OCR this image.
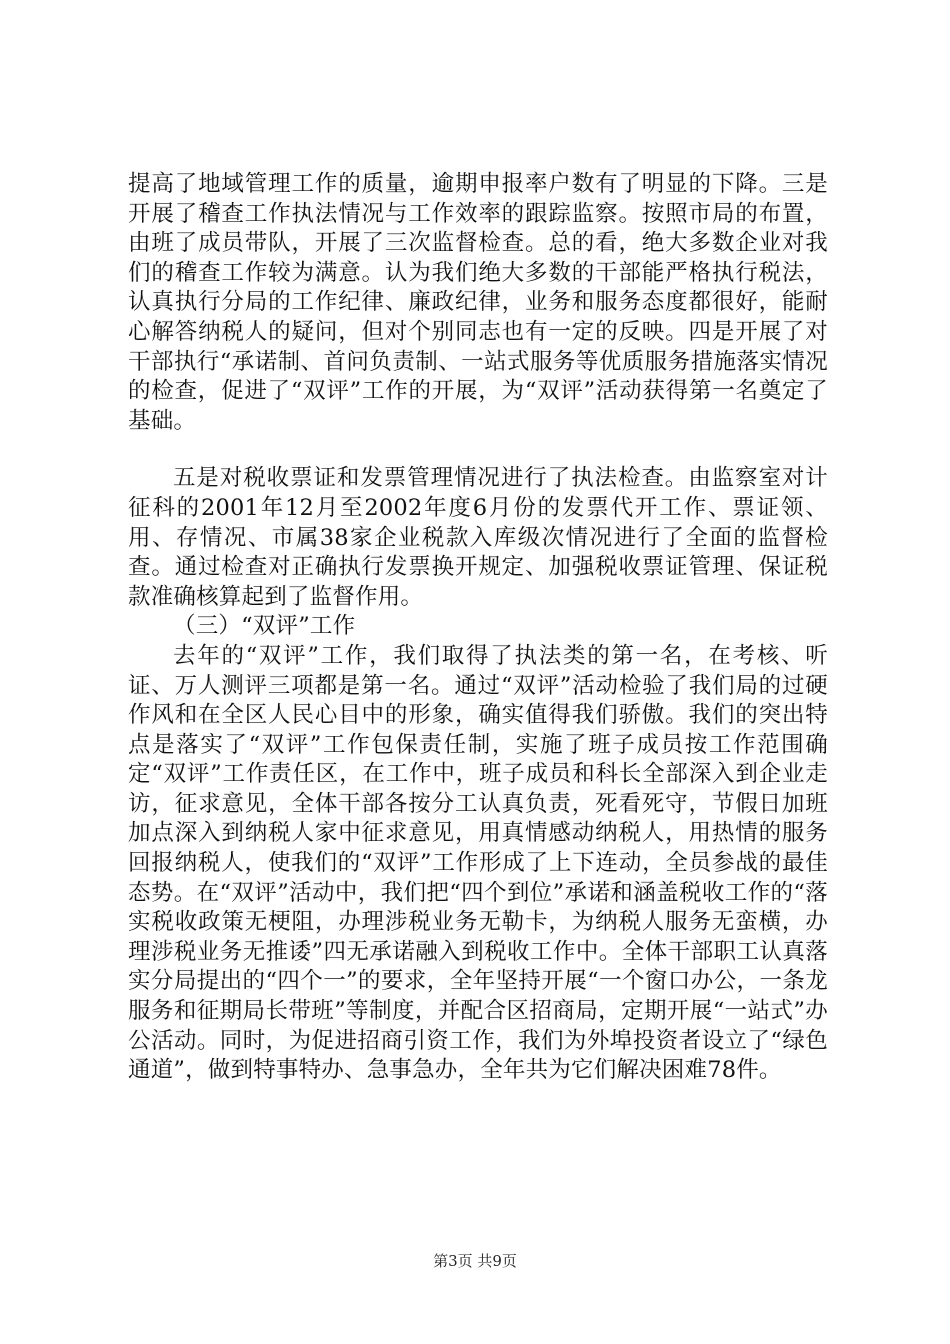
提高了地域管理工作的质量，逾期申报率户数有了明显的下降。三是开展了稽查工作执法情况与工作效率的跟踪监察。按照市局的布置，由班了成员带队，开展了三次监督检查。总的看，绝大多数企业对我们的稽查工作较为满意。认为我们绝大多数的干部能严格执行税法，认真执行分局的工作纪律、廉政纪律，业务和服务态度都很好，能耐心解答纳税人的疑问，但对个别同志也有一定的反映。四是开展了对干部执行“承诺制、首问负责制、一站式服务等优质服务措施落实情况的检查，促进了“双评”工作的开展，为“双评”活动获得第一名奠定了基础。

五是对税收票证和发票管理情况进行了执法检查。由监察室对计征科的2001年12月至2002年度6月份的发票代开工作、票证领、用、存情况、市属38家企业税款入库级次情况进行了全面的监督检查。通过检查对正确执行发票换开规定、加强税收票证管理、保证税款准确核算起到了监督作用。

（三）“双评”工作

去年的“双评”工作，我们取得了执法类的第一名，在考核、听证、万人测评三项都是第一名。通过“双评”活动检验了我们局的过硬作风和在全区人民心目中的形象，确实值得我们骄傲。我们的突出特点是落实了“双评”工作包保责任制，实施了班子成员按工作范围确定“双评”工作责任区，在工作中，班子成员和科长全部深入到企业走访，征求意见，全体干部各按分工认真负责，死看死守，节假日加班加点深入到纳税人家中征求意见，用真情感动纳税人，用热情的服务回报纳税人，使我们的“双评”工作形成了上下连动，全员参战的最佳态势。在“双评”活动中，我们把“四个到位”承诺和涵盖税收工作的“落实税收政策无梗阻，办理涉税业务无勒卡，为纳税人服务无蛮横，办理涉税业务无推诿”四无承诺融入到税收工作中。全体干部职工认真落实分局提出的“四个一”的要求，全年坚持开展“一个窗口办公，一条龙服务和征期局长带班”等制度，并配合区招商局，定期开展“一站式”办公活动。同时，为促进招商引资工作，我们为外埠投资者设立了“绿色通道”，做到特事特办、急事急办，全年共为它们解决困难78件。

第3页 共9页
